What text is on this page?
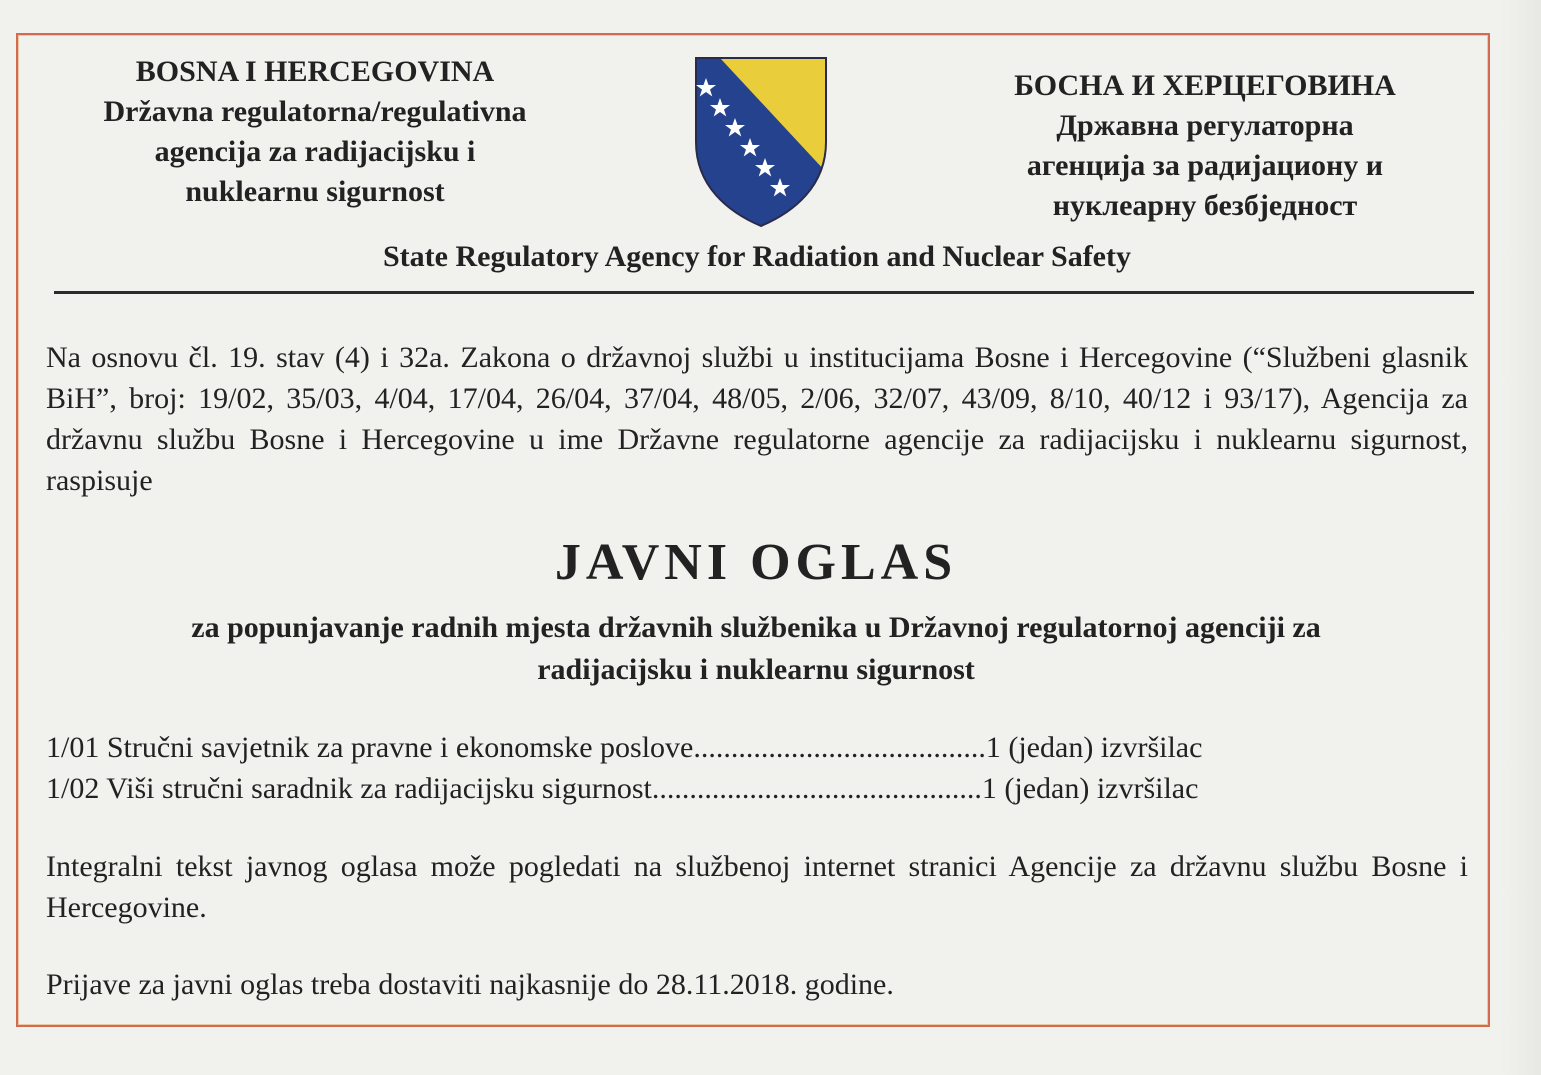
BOSNA I HERCEGOVINA
Državna regulatorna/regulativna
agencija za radijacijsku i
nuklearnu sigurnost
БОСНА И ХЕРЦЕГОВИНА
Државна регулаторна
агенција за радијациону и
нуклеарну безбједност
State Regulatory Agency for Radiation and Nuclear Safety
Na osnovu čl. 19. stav (4) i 32a. Zakona o državnoj službi u institucijama Bosne i Hercegovine (“Službeni glasnik BiH”, broj: 19/02, 35/03, 4/04, 17/04, 26/04, 37/04, 48/05, 2/06, 32/07, 43/09, 8/10, 40/12 i 93/17), Agencija za državnu službu Bosne i Hercegovine u ime Državne regulatorne agencije za radijacijsku i nuklearnu sigurnost, raspisuje
JAVNI OGLAS
za popunjavanje radnih mjesta državnih službenika u Državnoj regulatornoj agenciji za
radijacijsku i nuklearnu sigurnost
1/01 Stručni savjetnik za pravne i ekonomske poslove.......................................1 (jedan) izvršilac
1/02 Viši stručni saradnik za radijacijsku sigurnost............................................1 (jedan) izvršilac
Integralni tekst javnog oglasa može pogledati na službenoj internet stranici Agencije za državnu službu Bosne i Hercegovine.
Prijave za javni oglas treba dostaviti najkasnije do 28.11.2018. godine.
